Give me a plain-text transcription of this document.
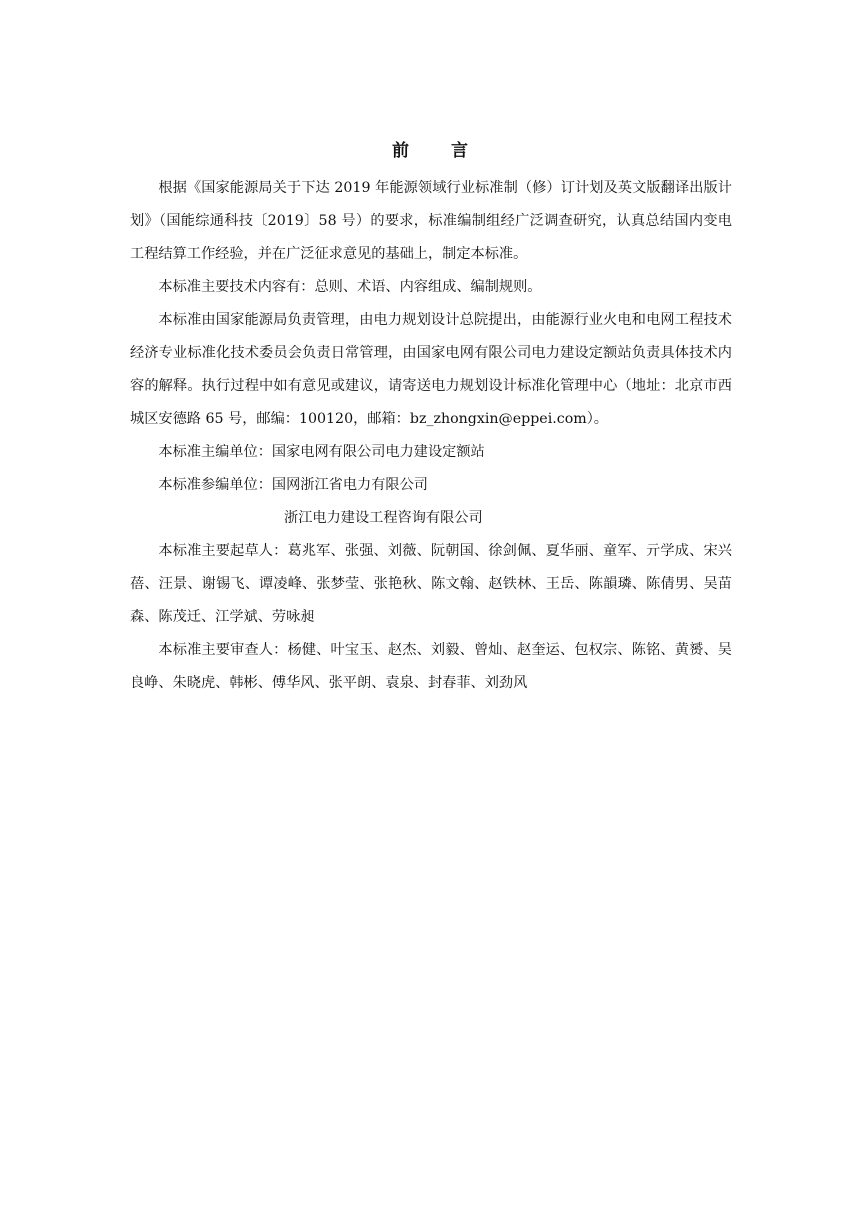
前 言

根据《国家能源局关于下达 2019 年能源领域行业标准制（修）订计划及英文版翻译出版计划》（国能综通科技〔2019〕58 号）的要求，标准编制组经广泛调查研究，认真总结国内变电工程结算工作经验，并在广泛征求意见的基础上，制定本标准。

本标准主要技术内容有：总则、术语、内容组成、编制规则。

本标准由国家能源局负责管理，由电力规划设计总院提出，由能源行业火电和电网工程技术经济专业标准化技术委员会负责日常管理，由国家电网有限公司电力建设定额站负责具体技术内容的解释。执行过程中如有意见或建议，请寄送电力规划设计标准化管理中心（地址：北京市西城区安德路 65 号，邮编：100120，邮箱：bz_zhongxin@eppei.com）。

本标准主编单位：国家电网有限公司电力建设定额站

本标准参编单位：国网浙江省电力有限公司

浙江电力建设工程咨询有限公司

本标准主要起草人：葛兆军、张强、刘薇、阮朝国、徐剑佩、夏华丽、童军、亓学成、宋兴蓓、汪景、谢锡飞、谭凌峰、张梦莹、张艳秋、陈文翰、赵铁林、王岳、陈韻璘、陈倩男、吴苗森、陈茂迁、江学斌、劳咏昶

本标准主要审查人：杨健、叶宝玉、赵杰、刘毅、曾灿、赵奎运、包权宗、陈铭、黄赟、吴良峥、朱晓虎、韩彬、傅华风、张平朗、袁泉、封春菲、刘劲风
